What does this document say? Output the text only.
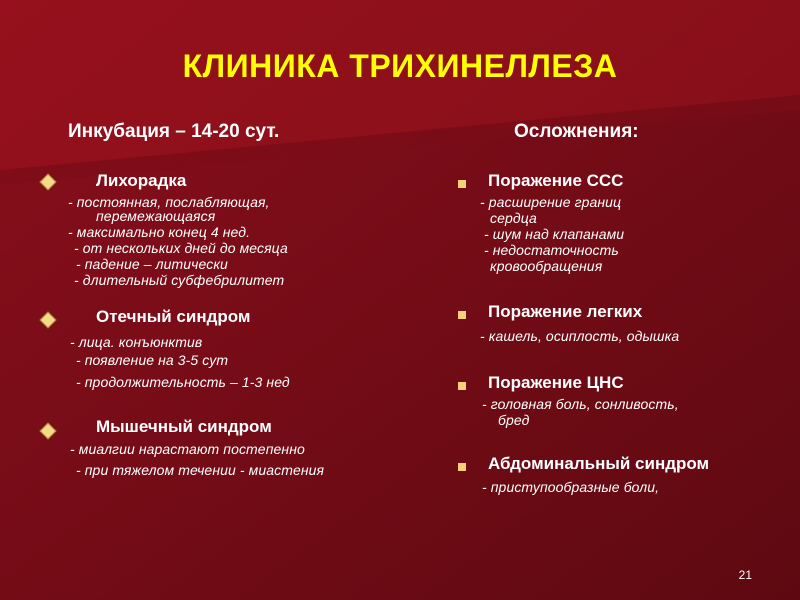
КЛИНИКА ТРИХИНЕЛЛЕЗА
Инкубация – 14-20 сут.
Лихорадка
- постоянная, послабляющая,
перемежающаяся
- максимально конец 4 нед.
- от нескольких дней до месяца
- падение – литически
- длительный субфебрилитет
Отечный синдром
- лица. конъюнктив
- появление на 3-5 сут
- продолжительность – 1-3 нед
Мышечный синдром
- миалгии нарастают постепенно
- при тяжелом течении - миастения
Осложнения:
Поражение ССС
- расширение границ
сердца
- шум над клапанами
- недостаточность
кровообращения
Поражение легких
- кашель, осиплость, одышка
Поражение ЦНС
- головная боль, сонливость,
бред
Абдоминальный синдром
- приступообразные боли,
21
